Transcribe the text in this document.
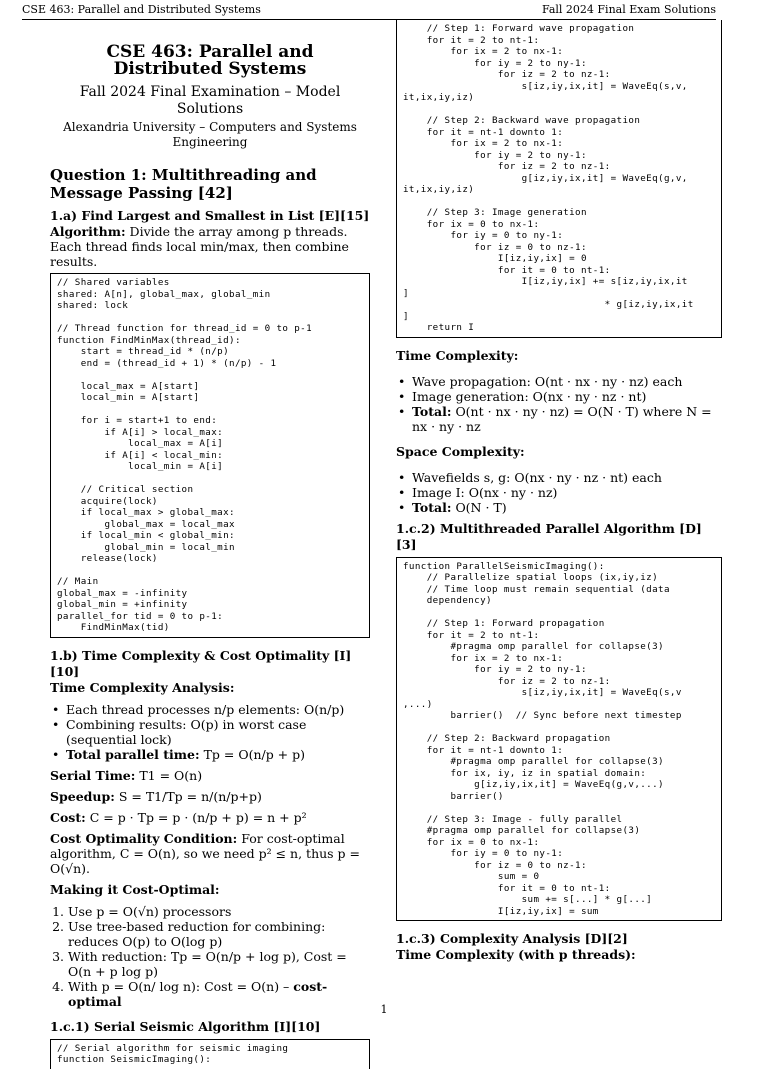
CSE 463: Parallel and Distributed Systems	Fall 2024 Final Exam Solutions
CSE 463: Parallel and Distributed Systems
Fall 2024 Final Examination – Model Solutions
Alexandria University – Computers and Systems Engineering
Question 1: Multithreading and Message Passing [42]
1.a) Find Largest and Smallest in List [E][15]

Algorithm: Divide the array among p threads. Each thread finds local min/max, then combine results.

// Shared variables
shared: A[n], global_max, global_min
shared: lock

// Thread function for thread_id = 0 to p-1
function FindMinMax(thread_id):
start = thread_id * (n/p)
end = (thread_id + 1) * (n/p) - 1

local_max = A[start]
local_min = A[start]

for i = start+1 to end:
if A[i] > local_max:
local_max = A[i]
if A[i] < local_min:
local_min = A[i]

// Critical section
acquire(lock)
if local_max > global_max:
global_max = local_max
if local_min < global_min:
global_min = local_min
release(lock)

// Main
global_max = -infinity
global_min = +infinity
parallel_for tid = 0 to p-1:
FindMinMax(tid)
1.b) Time Complexity & Cost Optimality [I][10]
Time Complexity Analysis:
• Each thread processes n/p elements: O(n/p)
• Combining results: O(p) in worst case (sequential lock)
• Total parallel time: Tp = O(n/p + p)

Serial Time: T1 = O(n)

Speedup: S = T1/Tp = n/(n/p+p)

Cost: C = p · Tp = p · (n/p + p) = n + p²

Cost Optimality Condition: For cost-optimal algorithm, C = O(n), so we need p² ≤ n, thus p = O(√n).

Making it Cost-Optimal:
1. Use p = O(√n) processors
2. Use tree-based reduction for combining: reduces O(p) to O(log p)
3. With reduction: Tp = O(n/p + log p), Cost = O(n + p log p)
4. With p = O(n/ log n): Cost = O(n) – cost-optimal
1.c.1) Serial Seismic Algorithm [I][10]
// Serial algorithm for seismic imaging
function SeismicImaging():
// Step 1: Forward wave propagation
for it = 2 to nt-1:
for ix = 2 to nx-1:
for iy = 2 to ny-1:
for iz = 2 to nz-1:
s[iz,iy,ix,it] = WaveEq(s,v,
it,ix,iy,iz)

// Step 2: Backward wave propagation
for it = nt-1 downto 1:
for ix = 2 to nx-1:
for iy = 2 to ny-1:
for iz = 2 to nz-1:
g[iz,iy,ix,it] = WaveEq(g,v,
it,ix,iy,iz)

// Step 3: Image generation
for ix = 0 to nx-1:
for iy = 0 to ny-1:
for iz = 0 to nz-1:
I[iz,iy,ix] = 0
for it = 0 to nt-1:
I[iz,iy,ix] += s[iz,iy,ix,it
]
* g[iz,iy,ix,it
]
return I
Time Complexity:
• Wave propagation: O(nt · nx · ny · nz) each
• Image generation: O(nx · ny · nz · nt)
• Total: O(nt · nx · ny · nz) = O(N · T) where N = nx · ny · nz
Space Complexity:
• Wavefields s, g: O(nx · ny · nz · nt) each
• Image I: O(nx · ny · nz)
• Total: O(N · T)
1.c.2) Multithreaded Parallel Algorithm [D][3]
function ParallelSeismicImaging():
// Parallelize spatial loops (ix,iy,iz)
// Time loop must remain sequential (data
dependency)

// Step 1: Forward propagation
for it = 2 to nt-1:
#pragma omp parallel for collapse(3)
for ix = 2 to nx-1:
for iy = 2 to ny-1:
for iz = 2 to nz-1:
s[iz,iy,ix,it] = WaveEq(s,v
,...)
barrier()  // Sync before next timestep

// Step 2: Backward propagation
for it = nt-1 downto 1:
#pragma omp parallel for collapse(3)
for ix, iy, iz in spatial domain:
g[iz,iy,ix,it] = WaveEq(g,v,...)
barrier()

// Step 3: Image - fully parallel
#pragma omp parallel for collapse(3)
for ix = 0 to nx-1:
for iy = 0 to ny-1:
for iz = 0 to nz-1:
sum = 0
for it = 0 to nt-1:
sum += s[...] * g[...]
I[iz,iy,ix] = sum
1.c.3) Complexity Analysis [D][2]
Time Complexity (with p threads):
1
